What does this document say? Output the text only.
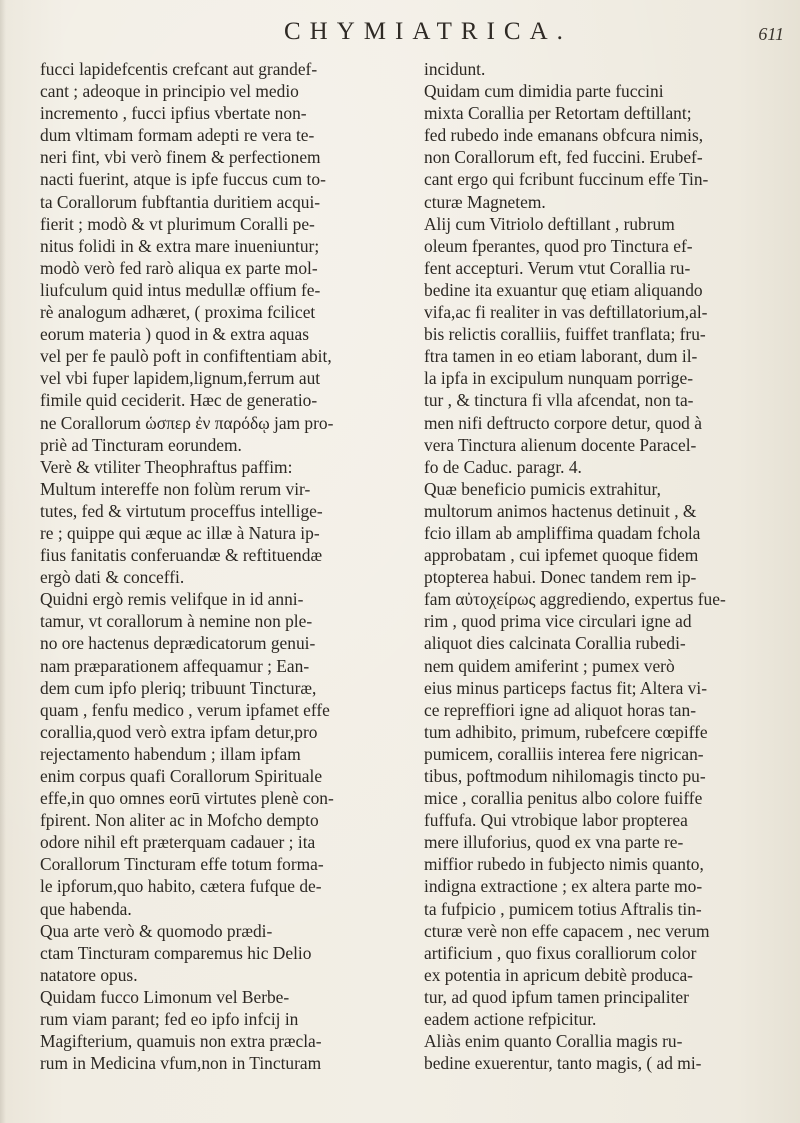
CHYMIATRICA.	611
fucci lapidefcentis crefcant aut grandef-
cant ; adeoque in principio vel medio
incremento , fucci ipfius vbertate non-
dum vltimam formam adepti re vera te-
neri fint, vbi verò finem & perfectionem
nacti fuerint, atque is ipfe fuccus cum to-
ta Corallorum fubftantia duritiem acqui-
fierit ; modò & vt plurimum Coralli pe-
nitus folidi in & extra mare inueniuntur;
modò verò fed rarò aliqua ex parte mol-
liufculum quid intus medullæ offium fe-
rè analogum adhæret, ( proxima fcilicet
eorum materia ) quod in & extra aquas
vel per fe paulò poft in confiftentiam abit,
vel vbi fuper lapidem,lignum,ferrum aut
fimile quid ceciderit. Hæc de generatio-
ne Corallorum ὡσπερ ἐν παρόδῳ jam pro-
priè ad Tincturam eorundem.
Verè & vtiliter Theophraftus paffim:
Multum intereffe non folùm rerum vir-
tutes, fed & virtutum proceffus intellige-
re ; quippe qui æque ac illæ à Natura ip-
fius fanitatis conferuandæ & reftituendæ
ergò dati & conceffi.
Quidni ergò remis velifque in id anni-
tamur, vt corallorum à nemine non ple-
no ore hactenus deprædicatorum genui-
nam præparationem affequamur ; Ean-
dem cum ipfo pleriq; tribuunt Tincturæ,
quam , fenfu medico , verum ipfamet effe
corallia,quod verò extra ipfam detur,pro
rejectamento habendum ; illam ipfam
enim corpus quafi Corallorum Spirituale
effe,in quo omnes eorū virtutes plenè con-
fpirent. Non aliter ac in Mofcho dempto
odore nihil eft præterquam cadauer ; ita
Corallorum Tincturam effe totum forma-
le ipforum,quo habito, cætera fufque de-
que habenda.
Qua arte verò & quomodo prædi-
ctam Tincturam comparemus hic Delio
natatore opus.
Quidam fucco Limonum vel Berbe-
rum viam parant; fed eo ipfo infcij in
Magifterium, quamuis non extra præcla-
rum in Medicina vfum,non in Tincturam
incidunt.
Quidam cum dimidia parte fuccini
mixta Corallia per Retortam deftillant;
fed rubedo inde emanans obfcura nimis,
non Corallorum eft, fed fuccini. Erubef-
cant ergo qui fcribunt fuccinum effe Tin-
cturæ Magnetem.
Alij cum Vitriolo deftillant , rubrum
oleum fperantes, quod pro Tinctura ef-
fent accepturi. Verum vtut Corallia ru-
bedine ita exuantur quę etiam aliquando
vifa,ac fi realiter in vas deftillatorium,al-
bis relictis coralliis, fuiffet tranflata; fru-
ftra tamen in eo etiam laborant, dum il-
la ipfa in excipulum nunquam porrige-
tur , & tinctura fi vlla afcendat, non ta-
men nifi deftructo corpore detur, quod à
vera Tinctura alienum docente Paracel-
fo de Caduc. paragr. 4.
Quæ beneficio pumicis extrahitur,
multorum animos hactenus detinuit , &
fcio illam ab ampliffima quadam fchola
approbatam , cui ipfemet quoque fidem
ptopterea habui. Donec tandem rem ip-
fam αὐτοχείρως aggrediendo, expertus fue-
rim , quod prima vice circulari igne ad
aliquot dies calcinata Corallia rubedi-
nem quidem amiferint ; pumex verò
eius minus particeps factus fit; Altera vi-
ce repreffiori igne ad aliquot horas tan-
tum adhibito, primum, rubefcere cœpiffe
pumicem, coralliis interea fere nigrican-
tibus, poftmodum nihilomagis tincto pu-
mice , corallia penitus albo colore fuiffe
fuffufa. Qui vtrobique labor propterea
mere illuforius, quod ex vna parte re-
miffior rubedo in fubjecto nimis quanto,
indigna extractione ; ex altera parte mo-
ta fufpicio , pumicem totius Aftralis tin-
cturæ verè non effe capacem , nec verum
artificium , quo fixus coralliorum color
ex potentia in apricum debitè produca-
tur, ad quod ipfum tamen principaliter
eadem actione refpicitur.
Aliàs enim quanto Corallia magis ru-
bedine exuerentur, tanto magis, ( ad mi-
